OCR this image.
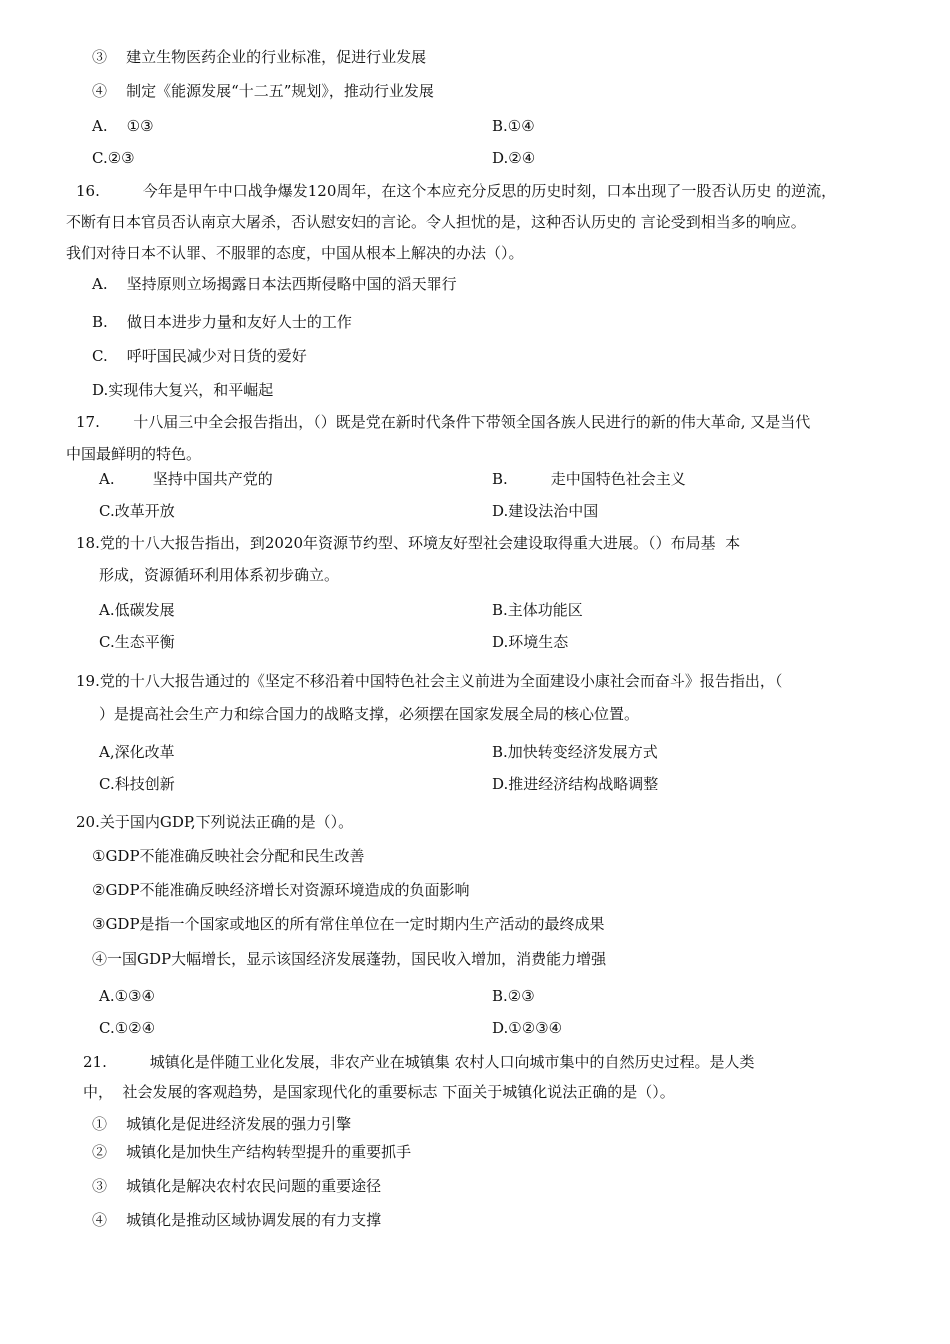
③    建立生物医药企业的行业标准，促进行业发展
④    制定《能源发展“十二五”规划》，推动行业发展
A.    ①③	B.①④
C.②③	D.②④
16.         今年是甲午中口战争爆发120周年，在这个本应充分反思的历史时刻，口本出现了一股否认历史 的逆流，
不断有日本官员否认南京大屠杀，否认慰安妇的言论。令人担忧的是，这种否认历史的 言论受到相当多的响应。
我们对待日本不认罪、不服罪的态度，中国从根本上解决的办法（）。
A.    坚持原则立场揭露日本法西斯侵略中国的滔天罪行
B.    做日本进步力量和友好人士的工作
C.    呼吁国民减少对日货的爱好
D.实现伟大复兴，和平崛起
17.       十八届三中全会报告指出，（）既是党在新时代条件下带领全国各族人民进行的新的伟大革命, 又是当代
中国最鲜明的特色。
A.        坚持中国共产党的	B.         走中国特色社会主义
C.改革开放	D.建设法治中国
18.党的十八大报告指出，到2020年资源节约型、环境友好型社会建设取得重大进展。（）布局基  本
形成，资源循环利用体系初步确立。
A.低碳发展	B.主体功能区
C.生态平衡	D.环境生态
19.党的十八大报告通过的《坚定不移沿着中国特色社会主义前进为全面建设小康社会而奋斗》报告指出，（
）是提高社会生产力和综合国力的战略支撑，必须摆在国家发展全局的核心位置。
A,深化改革	B.加快转变经济发展方式
C.科技创新	D.推进经济结构战略调整
20.关于国内GDP,下列说法正确的是（）。
①GDP不能准确反映社会分配和民生改善
②GDP不能准确反映经济增长对资源环境造成的负面影响
③GDP是指一个国家或地区的所有常住单位在一定时期内生产活动的最终成果
④一国GDP大幅增长，显示该国经济发展蓬勃，国民收入增加，消费能力增强
A.①③④	B.②③
C.①②④	D.①②③④
21.         城镇化是伴随工业化发展，非农产业在城镇集 农村人口向城市集中的自然历史过程。是人类
中，  社会发展的客观趋势，是国家现代化的重要标志 下面关于城镇化说法正确的是（）。
①    城镇化是促进经济发展的强力引擎
②    城镇化是加快生产结构转型提升的重要抓手
③    城镇化是解决农村农民问题的重要途径
④    城镇化是推动区域协调发展的有力支撑
